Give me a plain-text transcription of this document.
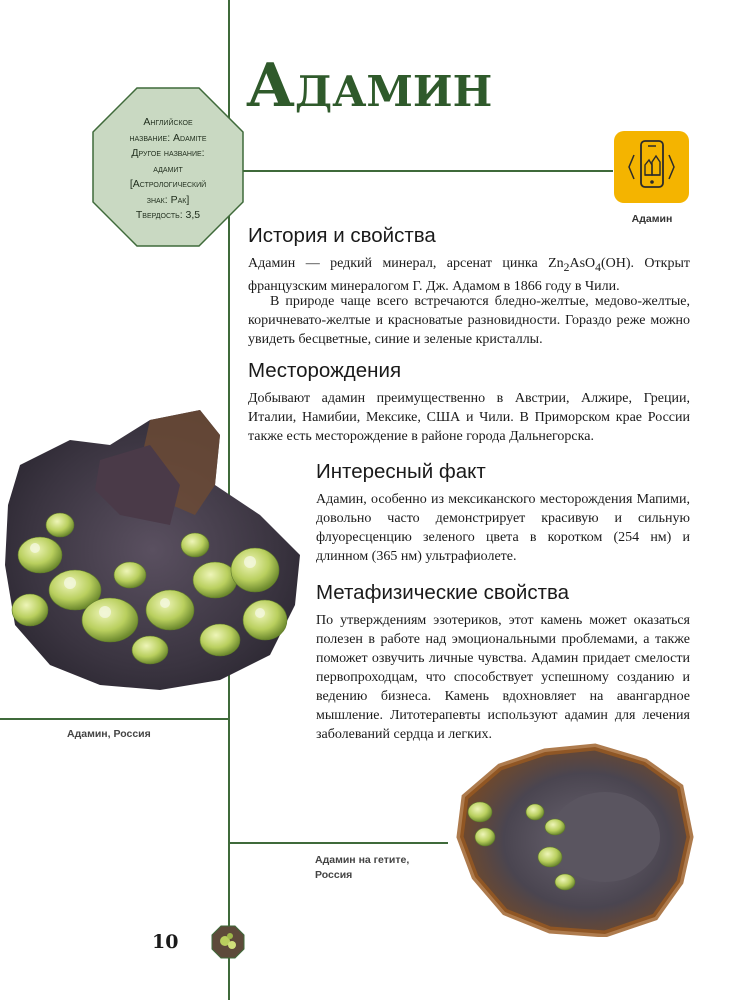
Адамин
Английское
название: Adamite
Другое название:
адамит
[Астрологический
знак: Рак]
Твердость: 3,5	Адамин
История и свойства

Адамин — редкий минерал, арсенат цинка $Zn_2AsO_4(OH)$. Открыт французским минералогом Г. Дж. Адамом в 1866 году в Чили.

В природе чаще всего встречаются бледно-желтые, медово-желтые, коричневато-желтые и красноватые разновидности. Гораздо реже можно увидеть бесцветные, синие и зеленые кристаллы.

Месторождения

Добывают адамин преимущественно в Австрии, Алжире, Греции, Италии, Намибии, Мексике, США и Чили. В Приморском крае России также есть месторождение в районе города Дальнегорска.

Интересный факт

Адамин, особенно из мексиканского месторождения Мапими, довольно часто демонстрирует красивую и сильную флуоресценцию зеленого цвета в коротком (254 нм) и длинном (365 нм) ультрафиолете.

Метафизические свойства

По утверждениям эзотериков, этот камень может оказаться полезен в работе над эмоциональными проблемами, а также поможет озвучить личные чувства. Адамин придает смелости первопроходцам, что способствует успешному созданию и ведению бизнеса. Камень вдохновляет на авангардное мышление. Литотерапевты используют адамин для лечения заболеваний сердца и легких.

Адамин, Россия
Адамин на гетите,
Россия
10
